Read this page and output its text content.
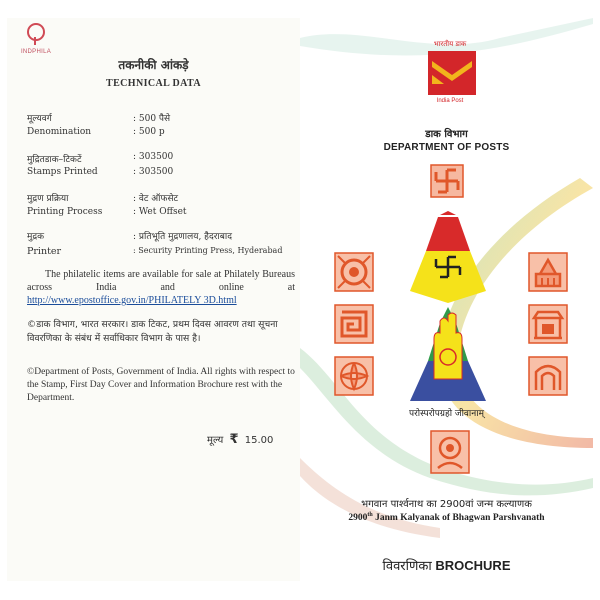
INDPHILA
तकनीकी आंकड़े
TECHNICAL DATA
मूल्यवर्ग	: 500 पैसे
Denomination	: 500 p
मुद्रितडाक–टिकटें	: 303500
Stamps Printed	: 303500
मुद्रण प्रक्रिया	: वेट ऑफसेट
Printing Process	: Wet Offset
मुद्रक	: प्रतिभूति मुद्रणालय, हैदराबाद
Printer	: Security Printing Press, Hyderabad
The philatelic items are available for sale at Philately Bureaus across India and online at http://www.epostoffice.gov.in/PHILATELY 3D.html
©डाक विभाग, भारत सरकार। डाक टिकट, प्रथम दिवस आवरण तथा सूचना विवरणिका के संबंध में सर्वाधिकार विभाग के पास है।
©Department of Posts, Government of India. All rights with respect to the Stamp, First Day Cover and Information Brochure rest with the Department.
मूल्य ₹ 15.00
भारतीय डाक
India Post
डाक विभाग
DEPARTMENT OF POSTS
परोस्परोपग्रहो जीवानाम्
भगवान पार्श्वनाथ का 2900वां जन्म कल्याणक
2900th Janm Kalyanak of Bhagwan Parshvanath
विवरणिका BROCHURE
